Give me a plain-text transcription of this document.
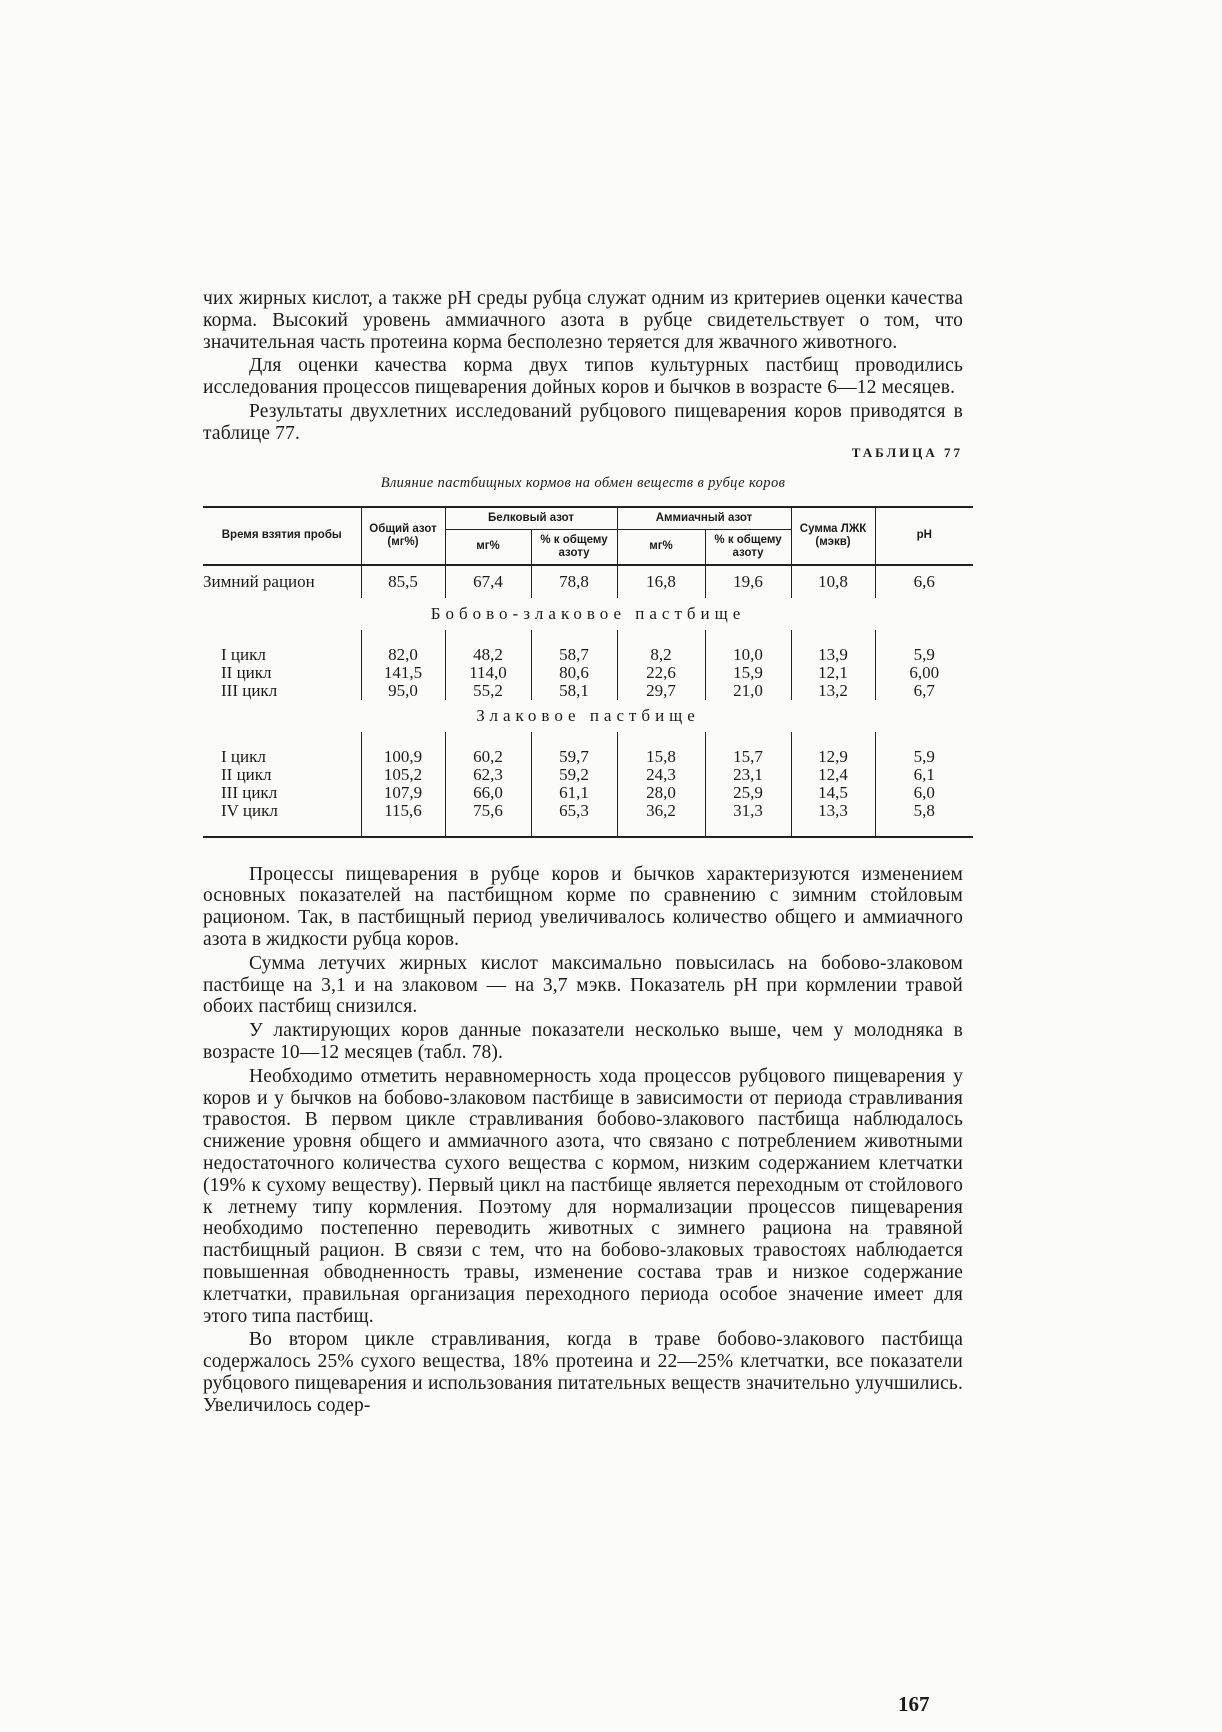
чих жирных кислот, а также pH среды рубца служат одним из критериев оценки качества корма. Высокий уровень аммиачного азота в рубце свидетельствует о том, что значительная часть протеина корма бесполезно теряется для жвачного животного.

Для оценки качества корма двух типов культурных пастбищ проводились исследования процессов пищеварения дойных коров и бычков в возрасте 6—12 месяцев.

Результаты двухлетних исследований рубцового пищеварения коров приводятся в таблице 77.

ТАБЛИЦА 77
Влияние пастбищных кормов на обмен веществ в рубце коров
Время взятия пробы	Общий азот (мг%)	Белковый азот		Аммиачный азот		Сумма ЛЖК (мэкв)	pH
		мг%	% к общему азоту	мг%	% к общему азоту		
Зимний рацион	85,5	67,4	78,8	16,8	19,6	10,8	6,6
Бобово-злаковое пастбище							

I цикл	82,0	48,2	58,7	8,2	10,0	13,9	5,9
II цикл	141,5	114,0	80,6	22,6	15,9	12,1	6,00
III цикл	95,0	55,2	58,1	29,7	21,0	13,2	6,7
Злаковое пастбище							

I цикл	100,9	60,2	59,7	15,8	15,7	12,9	5,9
II цикл	105,2	62,3	59,2	24,3	23,1	12,4	6,1
III цикл	107,9	66,0	61,1	28,0	25,9	14,5	6,0
IV цикл	115,6	75,6	65,3	36,2	31,3	13,3	5,8

Процессы пищеварения в рубце коров и бычков характеризуются изменением основных показателей на пастбищном корме по сравнению с зимним стойловым рационом. Так, в пастбищный период увеличивалось количество общего и аммиачного азота в жидкости рубца коров.

Сумма летучих жирных кислот максимально повысилась на бобово-злаковом пастбище на 3,1 и на злаковом — на 3,7 мэкв. Показатель pH при кормлении травой обоих пастбищ снизился.

У лактирующих коров данные показатели несколько выше, чем у молодняка в возрасте 10—12 месяцев (табл. 78).

Необходимо отметить неравномерность хода процессов рубцового пищеварения у коров и у бычков на бобово-злаковом пастбище в зависимости от периода стравливания травостоя. В первом цикле стравливания бобово-злакового пастбища наблюдалось снижение уровня общего и аммиачного азота, что связано с потреблением животными недостаточного количества сухого вещества с кормом, низким содержанием клетчатки (19% к сухому веществу). Первый цикл на пастбище является переходным от стойлового к летнему типу кормления. Поэтому для нормализации процессов пищеварения необходимо постепенно переводить животных с зимнего рациона на травяной пастбищный рацион. В связи с тем, что на бобово-злаковых травостоях наблюдается повышенная обводненность травы, изменение состава трав и низкое содержание клетчатки, правильная организация переходного периода особое значение имеет для этого типа пастбищ.

Во втором цикле стравливания, когда в траве бобово-злакового пастбища содержалось 25% сухого вещества, 18% протеина и 22—25% клетчатки, все показатели рубцового пищеварения и использования питательных веществ значительно улучшились. Увеличилось содер-

167
